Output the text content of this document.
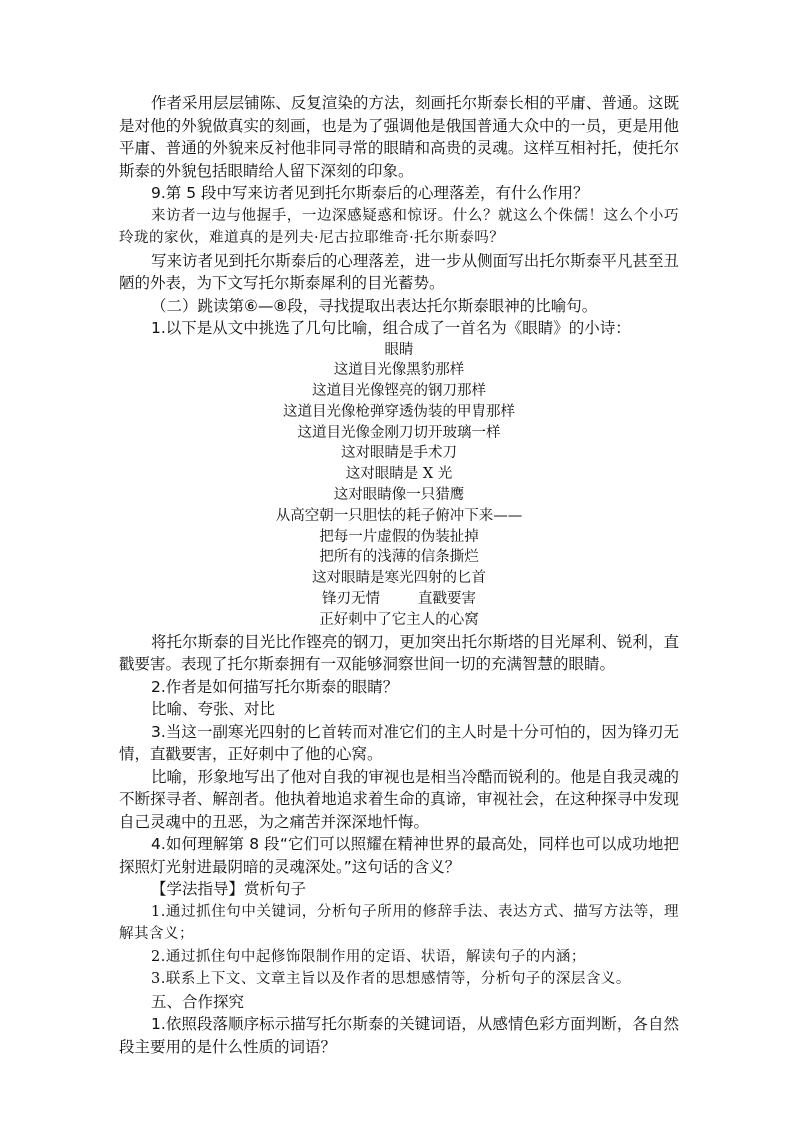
作者采用层层铺陈、反复渲染的方法，刻画托尔斯泰长相的平庸、普通。这既是对他的外貌做真实的刻画，也是为了强调他是俄国普通大众中的一员，更是用他平庸、普通的外貌来反衬他非同寻常的眼睛和高贵的灵魂。这样互相衬托，使托尔斯泰的外貌包括眼睛给人留下深刻的印象。

9.第 5 段中写来访者见到托尔斯泰后的心理落差，有什么作用？

来访者一边与他握手，一边深感疑惑和惊讶。什么？就这么个侏儒！这么个小巧玲珑的家伙，难道真的是列夫·尼古拉耶维奇·托尔斯泰吗？

写来访者见到托尔斯泰后的心理落差，进一步从侧面写出托尔斯泰平凡甚至丑陋的外表，为下文写托尔斯泰犀利的目光蓄势。

（二）跳读第⑥—⑧段，寻找提取出表达托尔斯泰眼神的比喻句。

1.以下是从文中挑选了几句比喻，组合成了一首名为《眼睛》的小诗：

眼睛

这道目光像黑豹那样

这道目光像铿亮的钢刀那样

这道目光像枪弹穿透伪装的甲胄那样

这道目光像金刚刀切开玻璃一样

这对眼睛是手术刀

这对眼睛是 X 光

这对眼睛像一只猎鹰

从高空朝一只胆怯的耗子俯冲下来——

把每一片虚假的伪装扯掉

把所有的浅薄的信条撕烂

这对眼睛是寒光四射的匕首

锋刃无情	直戳要害

正好刺中了它主人的心窝

将托尔斯泰的目光比作铿亮的钢刀，更加突出托尔斯塔的目光犀利、锐利，直戳要害。表现了托尔斯泰拥有一双能够洞察世间一切的充满智慧的眼睛。

2.作者是如何描写托尔斯泰的眼睛？

比喻、夸张、对比

3.当这一副寒光四射的匕首转而对准它们的主人时是十分可怕的，因为锋刃无情，直戳要害，正好刺中了他的心窝。

比喻，形象地写出了他对自我的审视也是相当冷酷而锐利的。他是自我灵魂的不断探寻者、解剖者。他执着地追求着生命的真谛，审视社会，在这种探寻中发现自己灵魂中的丑恶，为之痛苦并深深地忏悔。

4.如何理解第 8 段“它们可以照耀在精神世界的最高处，同样也可以成功地把探照灯光射进最阴暗的灵魂深处。”这句话的含义？

【学法指导】赏析句子

1.通过抓住句中关键词，分析句子所用的修辞手法、表达方式、描写方法等，理解其含义；

2.通过抓住句中起修饰限制作用的定语、状语，解读句子的内涵；

3.联系上下文、文章主旨以及作者的思想感情等，分析句子的深层含义。

五、合作探究

1.依照段落顺序标示描写托尔斯泰的关键词语，从感情色彩方面判断，各自然段主要用的是什么性质的词语？
